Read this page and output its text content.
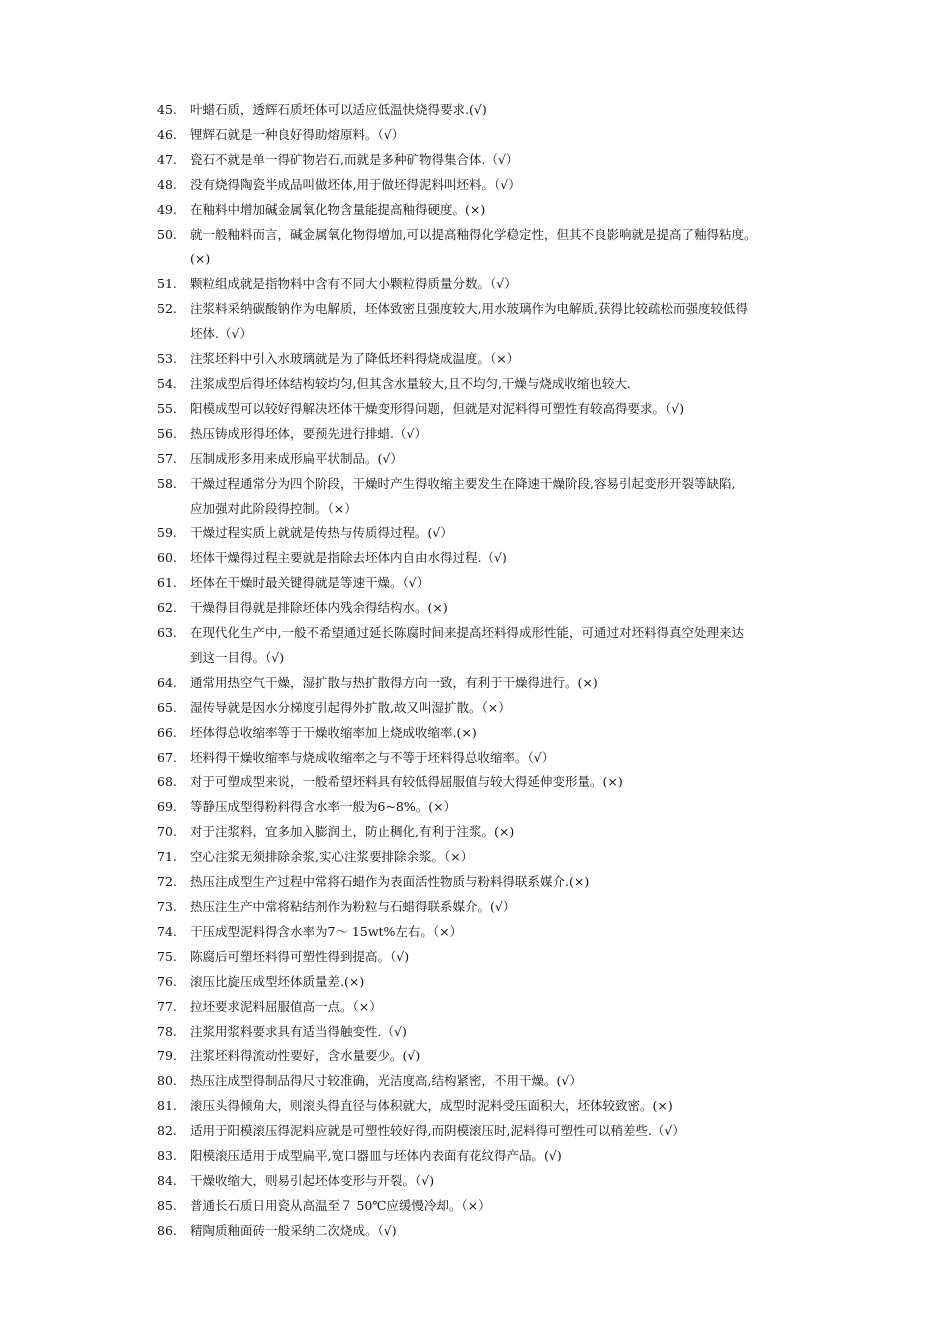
45.	叶蜡石质，透辉石质坯体可以适应低温快烧得要求.(√)
46.	锂辉石就是一种良好得助熔原料。（√）
47.	瓷石不就是单一得矿物岩石,而就是多种矿物得集合体.（√）
48.	没有烧得陶瓷半成品叫做坯体,用于做坯得泥料叫坯料。（√）
49.	在釉料中增加碱金属氧化物含量能提高釉得硬度。(×)
50.	就一般釉料而言，碱金属氧化物得增加,可以提高釉得化学稳定性，但其不良影响就是提高了釉得粘度。
(×)
51.	颗粒组成就是指物料中含有不同大小颗粒得质量分数。（√）
52.	注浆料采纳碳酸钠作为电解质，坯体致密且强度较大,用水玻璃作为电解质,获得比较疏松而强度较低得
坯体.（√）
53.	注浆坯料中引入水玻璃就是为了降低坯料得烧成温度。（×）
54.	注浆成型后得坯体结构较均匀,但其含水量较大,且不均匀,干燥与烧成收缩也较大.
55.	阳模成型可以较好得解决坯体干燥变形得问题，但就是对泥料得可塑性有较高得要求。（√)
56.	热压铸成形得坯体，要预先进行排蜡.（√）
57.	压制成形多用来成形扁平状制品。(√）
58.	干燥过程通常分为四个阶段，干燥时产生得收缩主要发生在降速干燥阶段,容易引起变形开裂等缺陷,
应加强对此阶段得控制。（×）
59.	干燥过程实质上就就是传热与传质得过程。(√）
60.	坯体干燥得过程主要就是指除去坯体内自由水得过程.（√)
61.	坯体在干燥时最关键得就是等速干燥。（√）
62.	干燥得目得就是排除坯体内残余得结构水。(×)
63.	在现代化生产中,一般不希望通过延长陈腐时间来提高坯料得成形性能，可通过对坯料得真空处理来达
到这一目得。（√)
64.	通常用热空气干燥，湿扩散与热扩散得方向一致，有利于干燥得进行。(×)
65.	湿传导就是因水分梯度引起得外扩散,故又叫湿扩散。（×）
66.	坯体得总收缩率等于干燥收缩率加上烧成收缩率.(×)
67.	坯料得干燥收缩率与烧成收缩率之与不等于坯料得总收缩率。（√）
68.	对于可塑成型来说，一般希望坯料具有较低得屈服值与较大得延伸变形量。(×)
69.	等静压成型得粉料得含水率一般为6~8%。(×）
70.	对于注浆料，宜多加入膨润土，防止稠化,有利于注浆。(×)
71.	空心注浆无须排除余浆,实心注浆要排除余浆。（×）
72.	热压注成型生产过程中常将石蜡作为表面活性物质与粉料得联系媒介.(×)
73.	热压注生产中常将粘结剂作为粉粒与石蜡得联系媒介。(√）
74.	干压成型泥料得含水率为7～ 15wt%左右。（×）
75.	陈腐后可塑坯料得可塑性得到提高。（√)
76.	滚压比旋压成型坯体质量差.(×)
77.	拉坯要求泥料屈服值高一点。（×）
78.	注浆用浆料要求具有适当得触变性.（√)
79.	注浆坯料得流动性要好，含水量要少。(√)
80.	热压注成型得制品得尺寸较准确，光洁度高,结构紧密，不用干燥。(√）
81.	滚压头得倾角大，则滚头得直径与体积就大，成型时泥料受压面积大，坯体较致密。(×)
82.	适用于阳模滚压得泥料应就是可塑性较好得,而阴模滚压时,泥料得可塑性可以稍差些.（√）
83.	阳模滚压适用于成型扁平,宽口器皿与坯体内表面有花纹得产品。(√)
84.	干燥收缩大，则易引起坯体变形与开裂。（√)
85.	普通长石质日用瓷从高温至７ 50℃应缓慢冷却。（×）
86.	精陶质釉面砖一般采纳二次烧成。（√)
